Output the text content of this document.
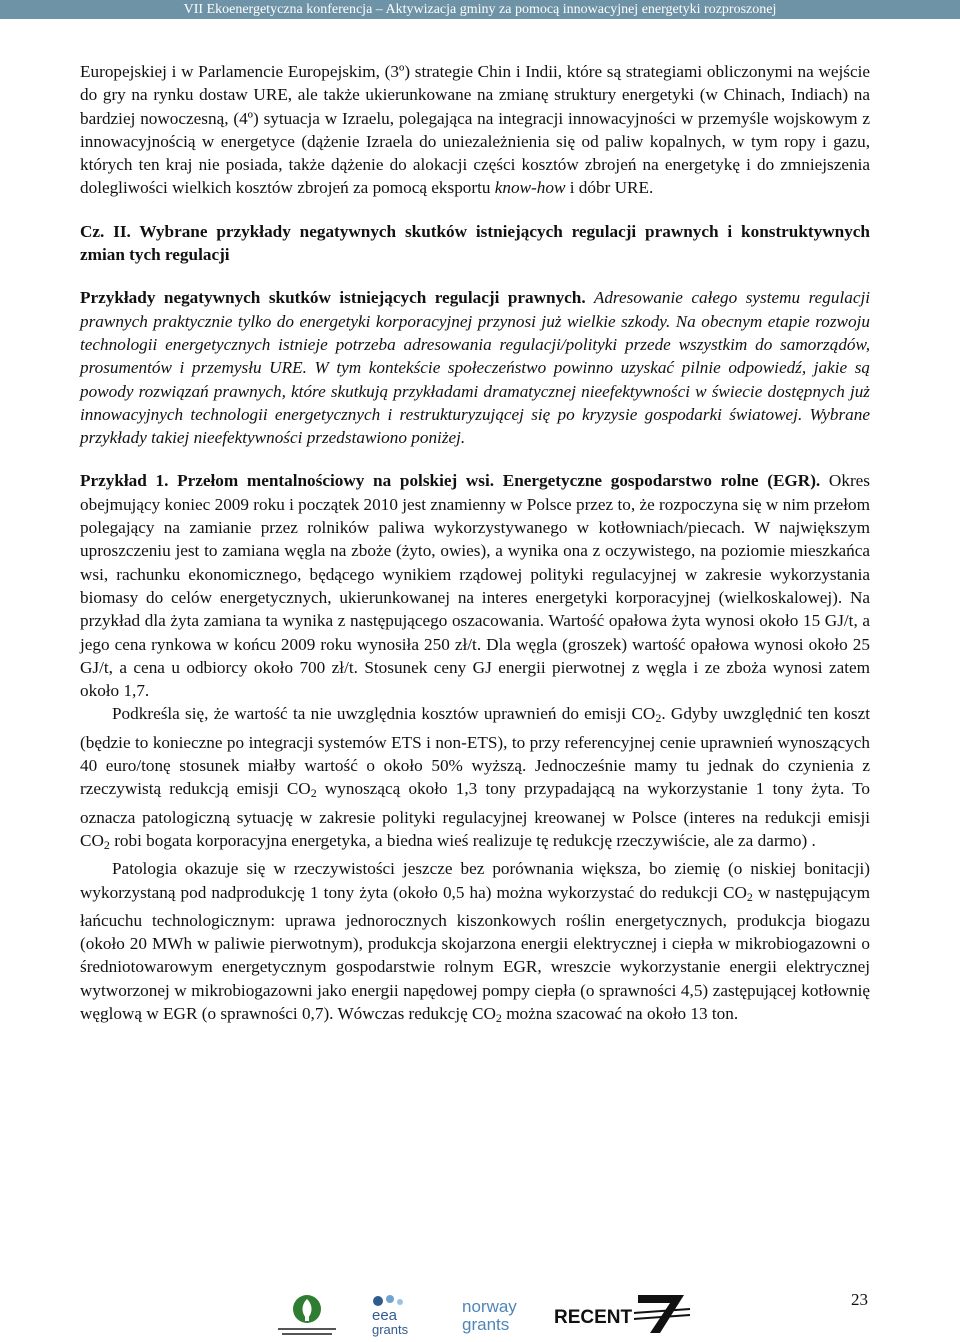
VII Ekoenergetyczna konferencja – Aktywizacja gminy za pomocą innowacyjnej energetyki rozproszonej

Europejskiej i w Parlamencie Europejskim, (3º) strategie Chin i Indii, które są strategiami obliczonymi na wejście do gry na rynku dostaw URE, ale także ukierunkowane na zmianę struktury energetyki (w Chinach, Indiach) na bardziej nowoczesną, (4º) sytuacja w Izraelu, polegająca na integracji innowacyjności w przemyśle wojskowym z innowacyjnością w energetyce (dążenie Izraela do uniezależnienia się od paliw kopalnych, w tym ropy i gazu, których ten kraj nie posiada, także dążenie do alokacji części kosztów zbrojeń na energetykę i do zmniejszenia dolegliwości wielkich kosztów zbrojeń za pomocą eksportu know-how i dóbr URE.

Cz. II. Wybrane przykłady negatywnych skutków istniejących regulacji prawnych i konstruktywnych zmian tych regulacji

Przykłady negatywnych skutków istniejących regulacji prawnych. Adresowanie całego systemu regulacji prawnych praktycznie tylko do energetyki korporacyjnej przynosi już wielkie szkody. Na obecnym etapie rozwoju technologii energetycznych istnieje potrzeba adresowania regulacji/polityki przede wszystkim do samorządów, prosumentów i przemysłu URE. W tym kontekście społeczeństwo powinno uzyskać pilnie odpowiedź, jakie są powody rozwiązań prawnych, które skutkują przykładami dramatycznej nieefektywności w świecie dostępnych już innowacyjnych technologii energetycznych i restrukturyzującej się po kryzysie gospodarki światowej. Wybrane przykłady takiej nieefektywności przedstawiono poniżej.

Przykład 1. Przełom mentalnościowy na polskiej wsi. Energetyczne gospodarstwo rolne (EGR). Okres obejmujący koniec 2009 roku i początek 2010 jest znamienny w Polsce przez to, że rozpoczyna się w nim przełom polegający na zamianie przez rolników paliwa wykorzystywanego w kotłowniach/piecach. W największym uproszczeniu jest to zamiana węgla na zboże (żyto, owies), a wynika ona z oczywistego, na poziomie mieszkańca wsi, rachunku ekonomicznego, będącego wynikiem rządowej polityki regulacyjnej w zakresie wykorzystania biomasy do celów energetycznych, ukierunkowanej na interes energetyki korporacyjnej (wielkoskalowej). Na przykład dla żyta zamiana ta wynika z następującego oszacowania. Wartość opałowa żyta wynosi około 15 GJ/t, a jego cena rynkowa w końcu 2009 roku wynosiła 250 zł/t. Dla węgla (groszek) wartość opałowa wynosi około 25 GJ/t, a cena u odbiorcy około 700 zł/t. Stosunek ceny GJ energii pierwotnej z węgla i ze zboża wynosi zatem około 1,7.

Podkreśla się, że wartość ta nie uwzględnia kosztów uprawnień do emisji $CO_2$. Gdyby uwzględnić ten koszt (będzie to konieczne po integracji systemów ETS i non-ETS), to przy referencyjnej cenie uprawnień wynoszących 40 euro/tonę stosunek miałby wartość o około 50% wyższą. Jednocześnie mamy tu jednak do czynienia z rzeczywistą redukcją emisji $CO_2$ wynoszącą około 1,3 tony przypadającą na wykorzystanie 1 tony żyta. To oznacza patologiczną sytuację w zakresie polityki regulacyjnej kreowanej w Polsce (interes na redukcji emisji $CO_2$ robi bogata korporacyjna energetyka, a biedna wieś realizuje tę redukcję rzeczywiście, ale za darmo) .

Patologia okazuje się w rzeczywistości jeszcze bez porównania większa, bo ziemię (o niskiej bonitacji) wykorzystaną pod nadprodukcję 1 tony żyta (około 0,5 ha) można wykorzystać do redukcji $CO_2$ w następującym łańcuchu technologicznym: uprawa jednorocznych kiszonkowych roślin energetycznych, produkcja biogazu (około 20 MWh w paliwie pierwotnym), produkcja skojarzona energii elektrycznej i ciepła w mikrobiogazowni o średniotowarowym energetycznym gospodarstwie rolnym EGR, wreszcie wykorzystanie energii elektrycznej wytworzonej w mikrobiogazowni jako energii napędowej pompy ciepła (o sprawności 4,5) zastępującej kotłownię węglową w EGR (o sprawności 0,7). Wówczas redukcję $CO_2$ można szacować na około 13 ton.

23
eea
grants
norway
grants RECENT
